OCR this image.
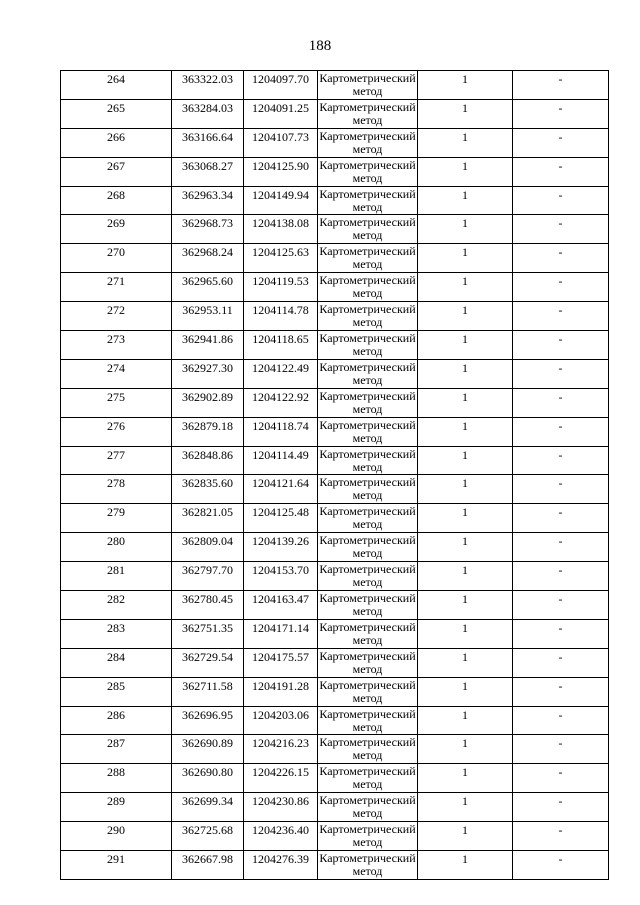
188
264	363322.03	1204097.70	Картометрический метод	1	-
265	363284.03	1204091.25	Картометрический метод	1	-
266	363166.64	1204107.73	Картометрический метод	1	-
267	363068.27	1204125.90	Картометрический метод	1	-
268	362963.34	1204149.94	Картометрический метод	1	-
269	362968.73	1204138.08	Картометрический метод	1	-
270	362968.24	1204125.63	Картометрический метод	1	-
271	362965.60	1204119.53	Картометрический метод	1	-
272	362953.11	1204114.78	Картометрический метод	1	-
273	362941.86	1204118.65	Картометрический метод	1	-
274	362927.30	1204122.49	Картометрический метод	1	-
275	362902.89	1204122.92	Картометрический метод	1	-
276	362879.18	1204118.74	Картометрический метод	1	-
277	362848.86	1204114.49	Картометрический метод	1	-
278	362835.60	1204121.64	Картометрический метод	1	-
279	362821.05	1204125.48	Картометрический метод	1	-
280	362809.04	1204139.26	Картометрический метод	1	-
281	362797.70	1204153.70	Картометрический метод	1	-
282	362780.45	1204163.47	Картометрический метод	1	-
283	362751.35	1204171.14	Картометрический метод	1	-
284	362729.54	1204175.57	Картометрический метод	1	-
285	362711.58	1204191.28	Картометрический метод	1	-
286	362696.95	1204203.06	Картометрический метод	1	-
287	362690.89	1204216.23	Картометрический метод	1	-
288	362690.80	1204226.15	Картометрический метод	1	-
289	362699.34	1204230.86	Картометрический метод	1	-
290	362725.68	1204236.40	Картометрический метод	1	-
291	362667.98	1204276.39	Картометрический метод	1	-
